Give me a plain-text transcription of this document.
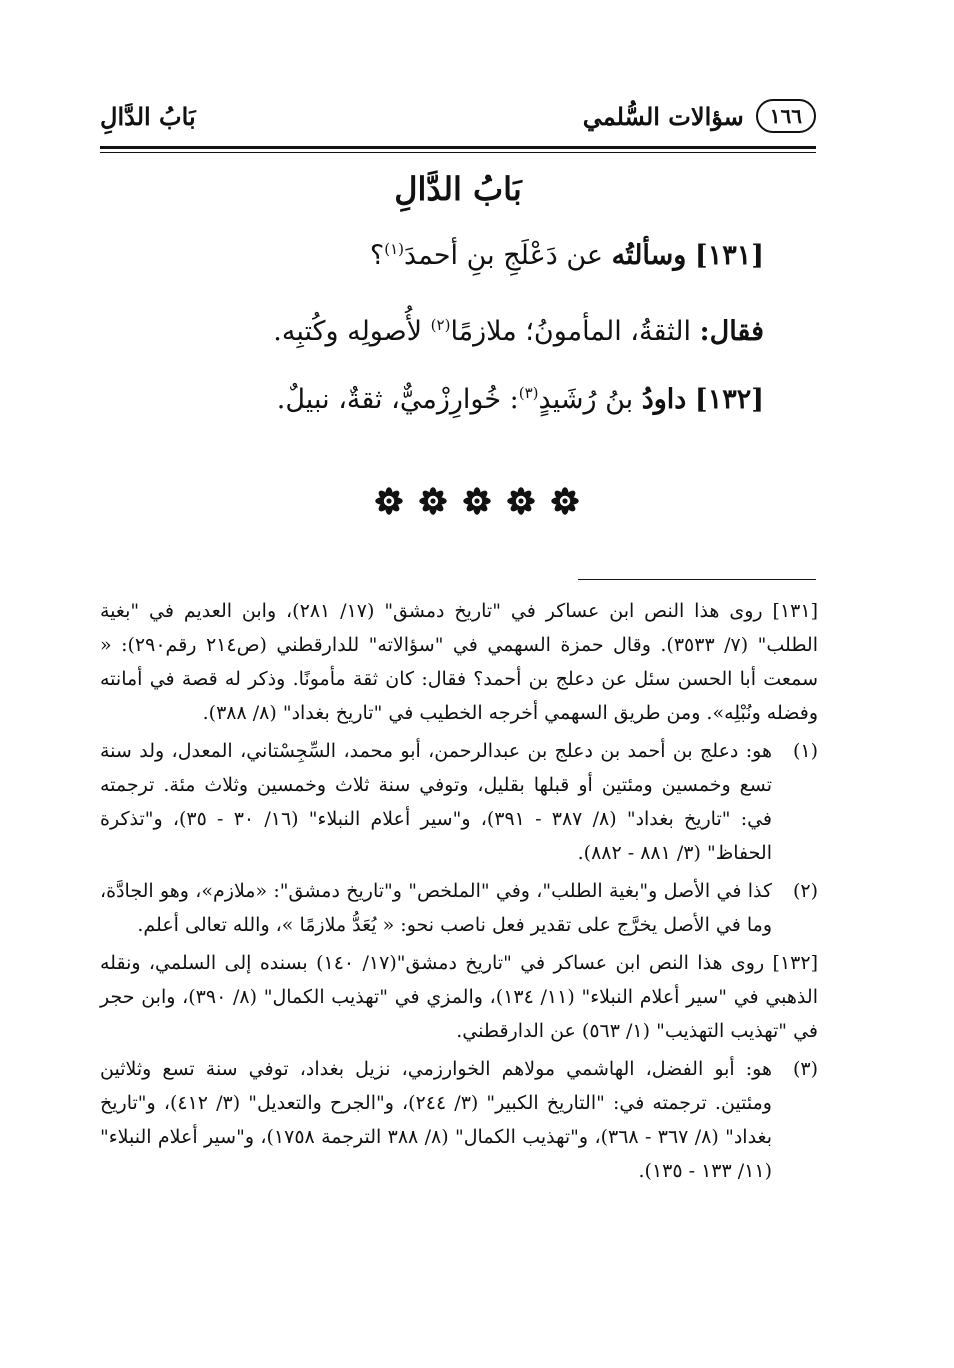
١٦٦
سؤالات السُّلمي
بَابُ الدَّالِ
بَابُ الدَّالِ
[١٣١] وسألتُه عن دَعْلَجِ بنِ أحمدَ$^{(١)}$؟
فقال: الثقةُ، المأمونُ؛ ملازمًا$^{(٢)}$ لأُصولِه وكُتبِه.
[١٣٢] داودُ بنُ رُشَيدٍ$^{(٣)}$: خُوارِزْميٌّ، ثقةٌ، نبيلٌ.
[١٣١] روى هذا النص ابن عساكر في "تاريخ دمشق" (١٧/ ٢٨١)، وابن العديم في "بغية الطلب" (٧/ ٣٥٣٣). وقال حمزة السهمي في "سؤالاته" للدارقطني (ص٢١٤ رقم٢٩٠): « سمعت أبا الحسن سئل عن دعلج بن أحمد؟ فقال: كان ثقة مأمونًا. وذكر له قصة في أمانته وفضله ونُبْلِه». ومن طريق السهمي أخرجه الخطيب في "تاريخ بغداد" (٨/ ٣٨٨).
(١)
هو: دعلج بن أحمد بن دعلج بن عبدالرحمن، أبو محمد، السِّجِسْتاني، المعدل، ولد سنة تسع وخمسين ومئتين أو قبلها بقليل، وتوفي سنة ثلاث وخمسين وثلاث مئة. ترجمته في: "تاريخ بغداد" (٨/ ٣٨٧ - ٣٩١)، و"سير أعلام النبلاء" (١٦/ ٣٠ - ٣٥)، و"تذكرة الحفاظ" (٣/ ٨٨١ - ٨٨٢).
(٢)
كذا في الأصل و"بغية الطلب"، وفي "الملخص" و"تاريخ دمشق": «ملازم»، وهو الجادَّة، وما في الأصل يخرَّج على تقدير فعل ناصب نحو: « يُعَدُّ ملازمًا »، والله تعالى أعلم.
[١٣٢] روى هذا النص ابن عساكر في "تاريخ دمشق"(١٧/ ١٤٠) بسنده إلى السلمي، ونقله الذهبي في "سير أعلام النبلاء" (١١/ ١٣٤)، والمزي في "تهذيب الكمال" (٨/ ٣٩٠)، وابن حجر في "تهذيب التهذيب" (١/ ٥٦٣) عن الدارقطني.
(٣)
هو: أبو الفضل، الهاشمي مولاهم الخوارزمي، نزيل بغداد، توفي سنة تسع وثلاثين ومئتين. ترجمته في: "التاريخ الكبير" (٣/ ٢٤٤)، و"الجرح والتعديل" (٣/ ٤١٢)، و"تاريخ بغداد" (٨/ ٣٦٧ - ٣٦٨)، و"تهذيب الكمال" (٨/ ٣٨٨ الترجمة ١٧٥٨)، و"سير أعلام النبلاء" (١١/ ١٣٣ - ١٣٥).
